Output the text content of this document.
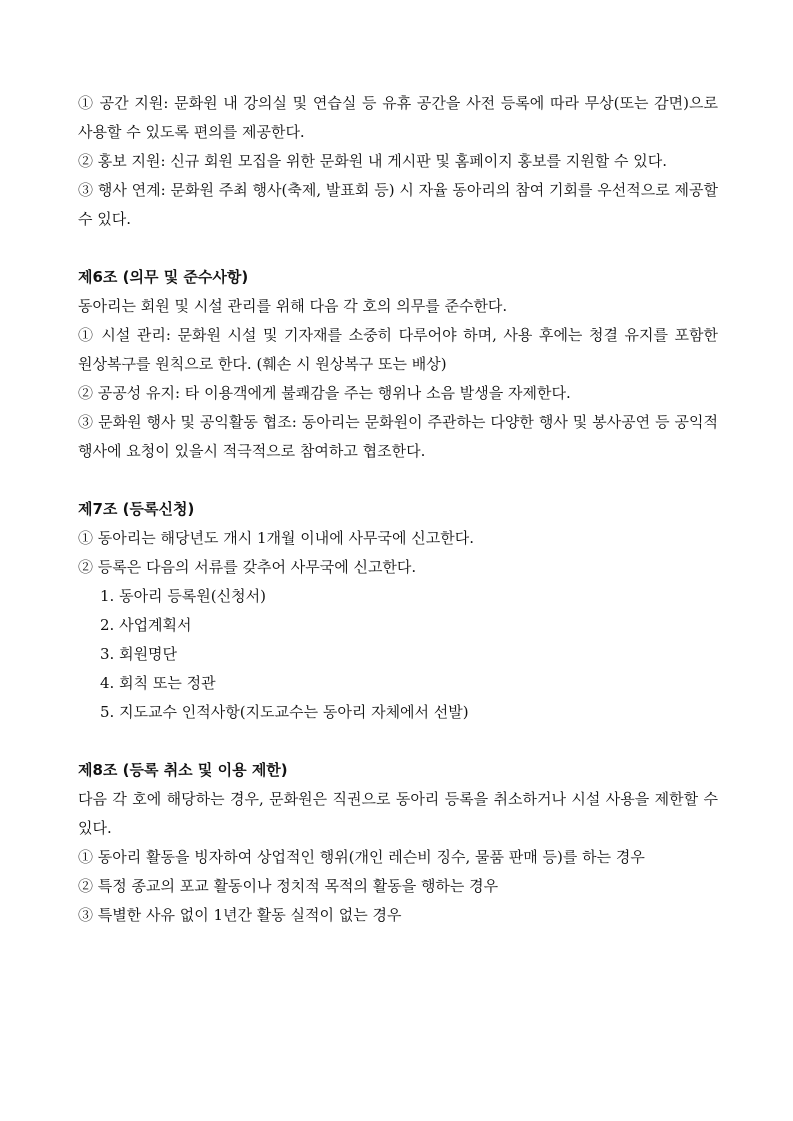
① 공간 지원: 문화원 내 강의실 및 연습실 등 유휴 공간을 사전 등록에 따라 무상(또는 감면)으로 사용할 수 있도록 편의를 제공한다.

② 홍보 지원: 신규 회원 모집을 위한 문화원 내 게시판 및 홈페이지 홍보를 지원할 수 있다.

③ 행사 연계: 문화원 주최 행사(축제, 발표회 등) 시 자율 동아리의 참여 기회를 우선적으로 제공할 수 있다.

제6조 (의무 및 준수사항)

동아리는 회원 및 시설 관리를 위해 다음 각 호의 의무를 준수한다.

① 시설 관리: 문화원 시설 및 기자재를 소중히 다루어야 하며, 사용 후에는 청결 유지를 포함한 원상복구를 원칙으로 한다. (훼손 시 원상복구 또는 배상)

② 공공성 유지: 타 이용객에게 불쾌감을 주는 행위나 소음 발생을 자제한다.

③ 문화원 행사 및 공익활동 협조: 동아리는 문화원이 주관하는 다양한 행사 및 봉사공연 등 공익적 행사에 요청이 있을시 적극적으로 참여하고 협조한다.

제7조 (등록신청)

① 동아리는 해당년도 개시 1개월 이내에 사무국에 신고한다.

② 등록은 다음의 서류를 갖추어 사무국에 신고한다.

1. 동아리 등록원(신청서)

2. 사업계획서

3. 회원명단

4. 회칙 또는 정관

5. 지도교수 인적사항(지도교수는 동아리 자체에서 선발)

제8조 (등록 취소 및 이용 제한)

다음 각 호에 해당하는 경우, 문화원은 직권으로 동아리 등록을 취소하거나 시설 사용을 제한할 수 있다.

① 동아리 활동을 빙자하여 상업적인 행위(개인 레슨비 징수, 물품 판매 등)를 하는 경우

② 특정 종교의 포교 활동이나 정치적 목적의 활동을 행하는 경우

③ 특별한 사유 없이 1년간 활동 실적이 없는 경우
